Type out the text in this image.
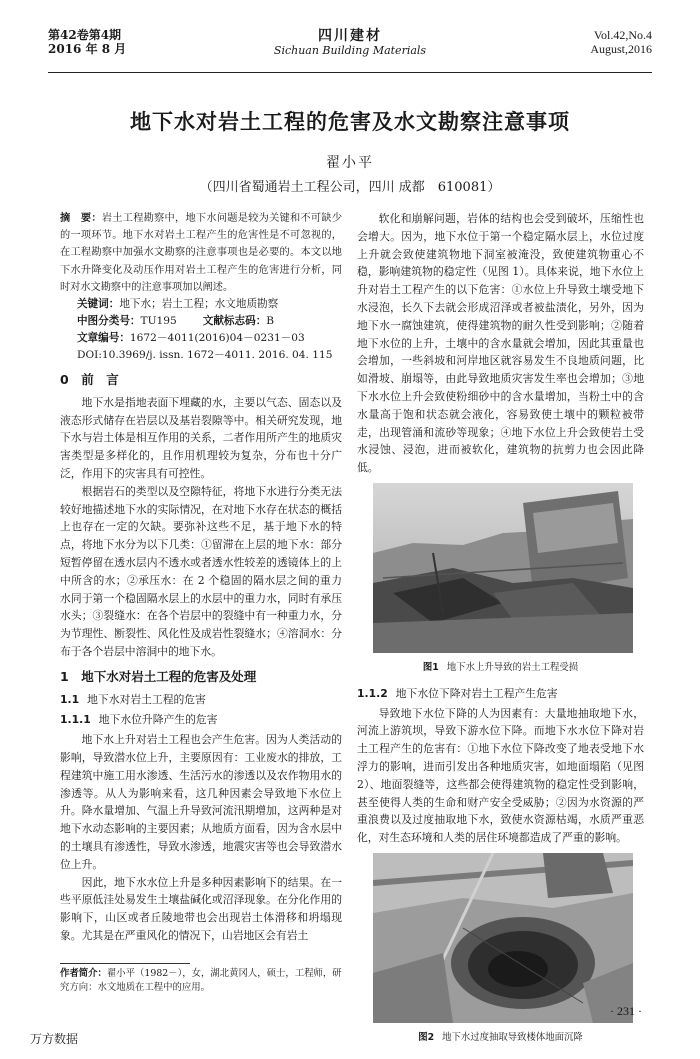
第42卷第4期
2016 年 8 月
四川建材
Sichuan Building Materials
Vol.42,No.4
August,2016
地下水对岩土工程的危害及水文勘察注意事项
翟小平
（四川省蜀通岩土工程公司，四川 成都　610081）

摘　要：岩土工程勘察中，地下水问题是较为关键和不可缺少的一项环节。地下水对岩土工程产生的危害性是不可忽视的，在工程勘察中加强水文勘察的注意事项也是必要的。本文以地下水升降变化及动压作用对岩土工程产生的危害进行分析，同时对水文勘察中的注意事项加以阐述。

关键词：地下水；岩土工程；水文地质勘察
中图分类号：TU195 文献标志码：B
文章编号：1672－4011(2016)04－0231－03
DOI:10.3969/j. issn. 1672－4011. 2016. 04. 115
0　前　言

地下水是指地表面下埋藏的水，主要以气态、固态以及液态形式储存在岩层以及基岩裂隙等中。相关研究发现，地下水与岩土体是相互作用的关系，二者作用所产生的地质灾害类型是多样化的，且作用机理较为复杂，分布也十分广泛，作用下的灾害具有可控性。

根据岩石的类型以及空隙特征，将地下水进行分类无法较好地描述地下水的实际情况，在对地下水存在状态的概括上也存在一定的欠缺。要弥补这些不足，基于地下水的特点，将地下水分为以下几类：①留滞在上层的地下水：部分短暂停留在透水层内不透水或者透水性较差的透镜体上的上中所含的水；②承压水：在 2 个稳固的隔水层之间的重力水同于第一个稳固隔水层上的水层中的重力水，同时有承压水头；③裂缝水：在各个岩层中的裂缝中有一种重力水，分为节理性、断裂性、风化性及成岩性裂缝水；④溶洞水：分布于各个岩层中溶洞中的地下水。

1　地下水对岩土工程的危害及处理
1.1 地下水对岩土工程的危害
1.1.1 地下水位升降产生的危害

地下水上升对岩土工程也会产生危害。因为人类活动的影响，导致潜水位上升，主要原因有：工业废水的排放，工程建筑中施工用水渗透、生活污水的渗透以及农作物用水的渗透等。从人为影响来看，这几种因素会导致地下水位上升。降水量增加、气温上升导致河流汛期增加，这两种是对地下水动态影响的主要因素；从地质方面看，因为含水层中的土壤具有渗透性，导致水渗透，地震灾害等也会导致潜水位上升。

因此，地下水水位上升是多种因素影响下的结果。在一些平原低洼处易发生土壤盐碱化或沼泽现象。在分化作用的影响下，山区或者丘陵地带也会出现岩土体滑移和坍塌现象。尤其是在严重风化的情况下，山岩地区会有岩土

软化和崩解问题，岩体的结构也会受到破坏，压缩性也会增大。因为，地下水位于第一个稳定隔水层上，水位过度上升就会致使建筑物地下洞室被淹没，致使建筑物重心不稳，影响建筑物的稳定性（见图 1）。具体来说，地下水位上升对岩土工程产生的以下危害：①水位上升导致土壤受地下水浸泡，长久下去就会形成沼泽或者被盐渍化，另外，因为地下水一腐蚀建筑，使得建筑物的耐久性受到影响；②随着地下水位的上升，土壤中的含水量就会增加，因此其重量也会增加，一些斜坡和河岸地区就容易发生不良地质问题，比如滑坡、崩塌等，由此导致地质灾害发生率也会增加；③地下水水位上升会致使粉细砂中的含水量增加，当粉土中的含水量高于饱和状态就会液化，容易致使土壤中的颗粒被带走，出现管涌和流砂等现象；④地下水位上升会致使岩土受水浸蚀、浸泡，进而被软化，建筑物的抗剪力也会因此降低。

图1 地下水上升导致的岩土工程受损
1.1.2 地下水位下降对岩土工程产生危害

导致地下水位下降的人为因素有：大量地抽取地下水，河流上游筑坝，导致下游水位下降。而地下水水位下降对岩土工程产生的危害有：①地下水位下降改变了地表受地下水浮力的影响，进而引发出各种地质灾害，如地面塌陷（见图 2）、地面裂缝等，这些都会使得建筑物的稳定性受到影响，甚至使得人类的生命和财产安全受威胁；②因为水资源的严重浪费以及过度抽取地下水，致使水资源枯竭，水质严重恶化，对生态环境和人类的居住环境都造成了严重的影响。

图2 地下水过度抽取导致楼体地面沉降
作者简介：翟小平（1982－），女，湖北黄冈人，硕士，工程师，研究方向：水文地质在工程中的应用。
· 231 ·
万方数据
